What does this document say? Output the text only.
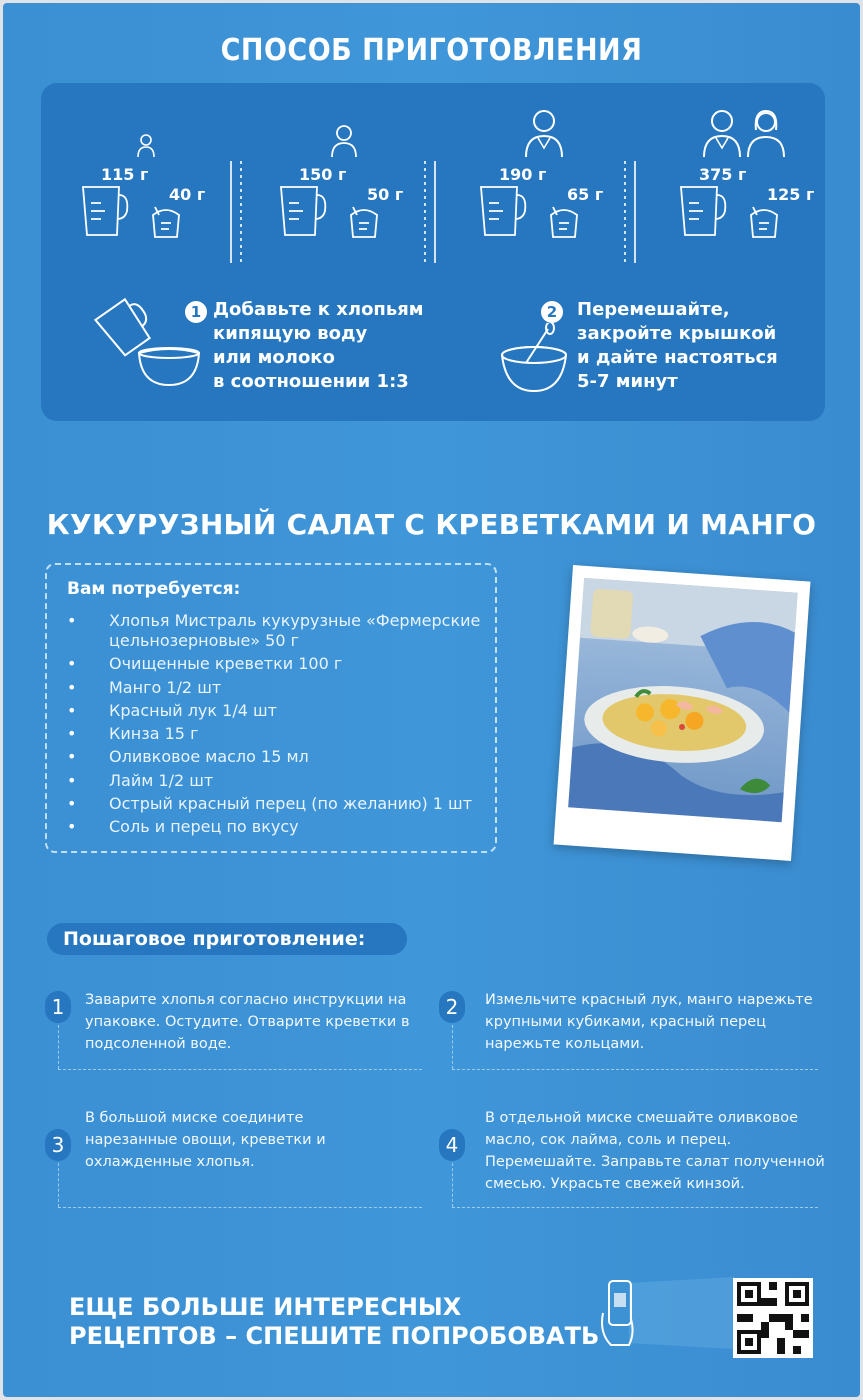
СПОСОБ ПРИГОТОВЛЕНИЯ
115 г
40 г
150 г
50 г
190 г
65 г
375 г
125 г
1 Добавьте к хлопьям
кипящую воду
или молоко
в соотношении 1:3
2	Перемешайте,
закройте крышкой
и дайте настояться
5-7 минут
КУКУРУЗНЫЙ САЛАТ С КРЕВЕТКАМИ И МАНГО
Вам потребуется:
• Хлопья Мистраль кукурузные «Фермерские цельнозерновые» 50 г
• Очищенные креветки 100 г
• Манго 1/2 шт
• Красный лук 1/4 шт
• Кинза 15 г
• Оливковое масло 15 мл
• Лайм 1/2 шт
• Острый красный перец (по желанию) 1 шт
• Соль и перец по вкусу
Пошаговое приготовление:
1	Заварите хлопья согласно инструкции на упаковке. Остудите. Отварите креветки в подсоленной воде.
2	Измельчите красный лук, манго нарежьте крупными кубиками, красный перец нарежьте кольцами.
3
В большой миске соедините нарезанные овощи, креветки и охлажденные хлопья.
4
В отдельной миске смешайте оливковое масло, сок лайма, соль и перец. Перемешайте. Заправьте салат полученной смесью. Украсьте свежей кинзой.
ЕЩЕ БОЛЬШЕ ИНТЕРЕСНЫХ
РЕЦЕПТОВ – СПЕШИТЕ ПОПРОБОВАТЬ
